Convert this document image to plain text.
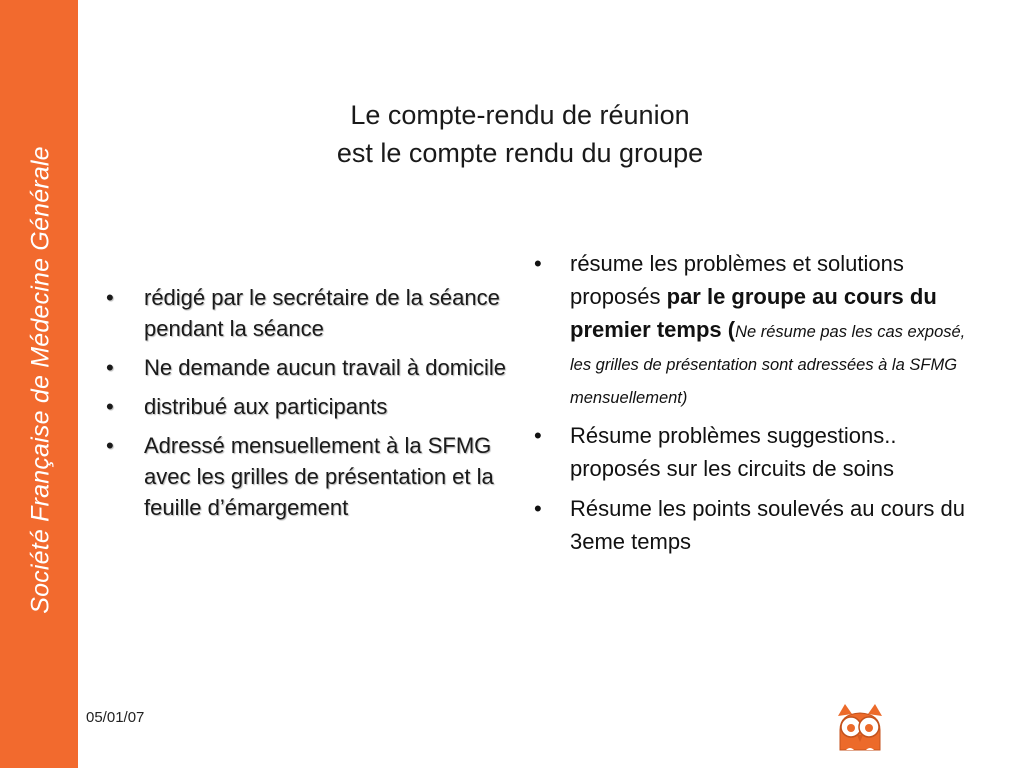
Société Française de Médecine Générale
Le compte-rendu de réunion
est le compte rendu du groupe
• rédigé par le secrétaire de la séance pendant la séance
• Ne demande aucun travail à domicile
• distribué aux participants
• Adressé mensuellement à la SFMG avec les grilles de présentation et la feuille d’émargement
• résume les problèmes et solutions proposés par le groupe au cours du premier temps (Ne résume pas les cas exposé, les grilles de présentation sont adressées à la SFMG mensuellement)
• Résume problèmes suggestions.. proposés sur les circuits de soins
• Résume les points soulevés au cours du 3eme temps
05/01/07
